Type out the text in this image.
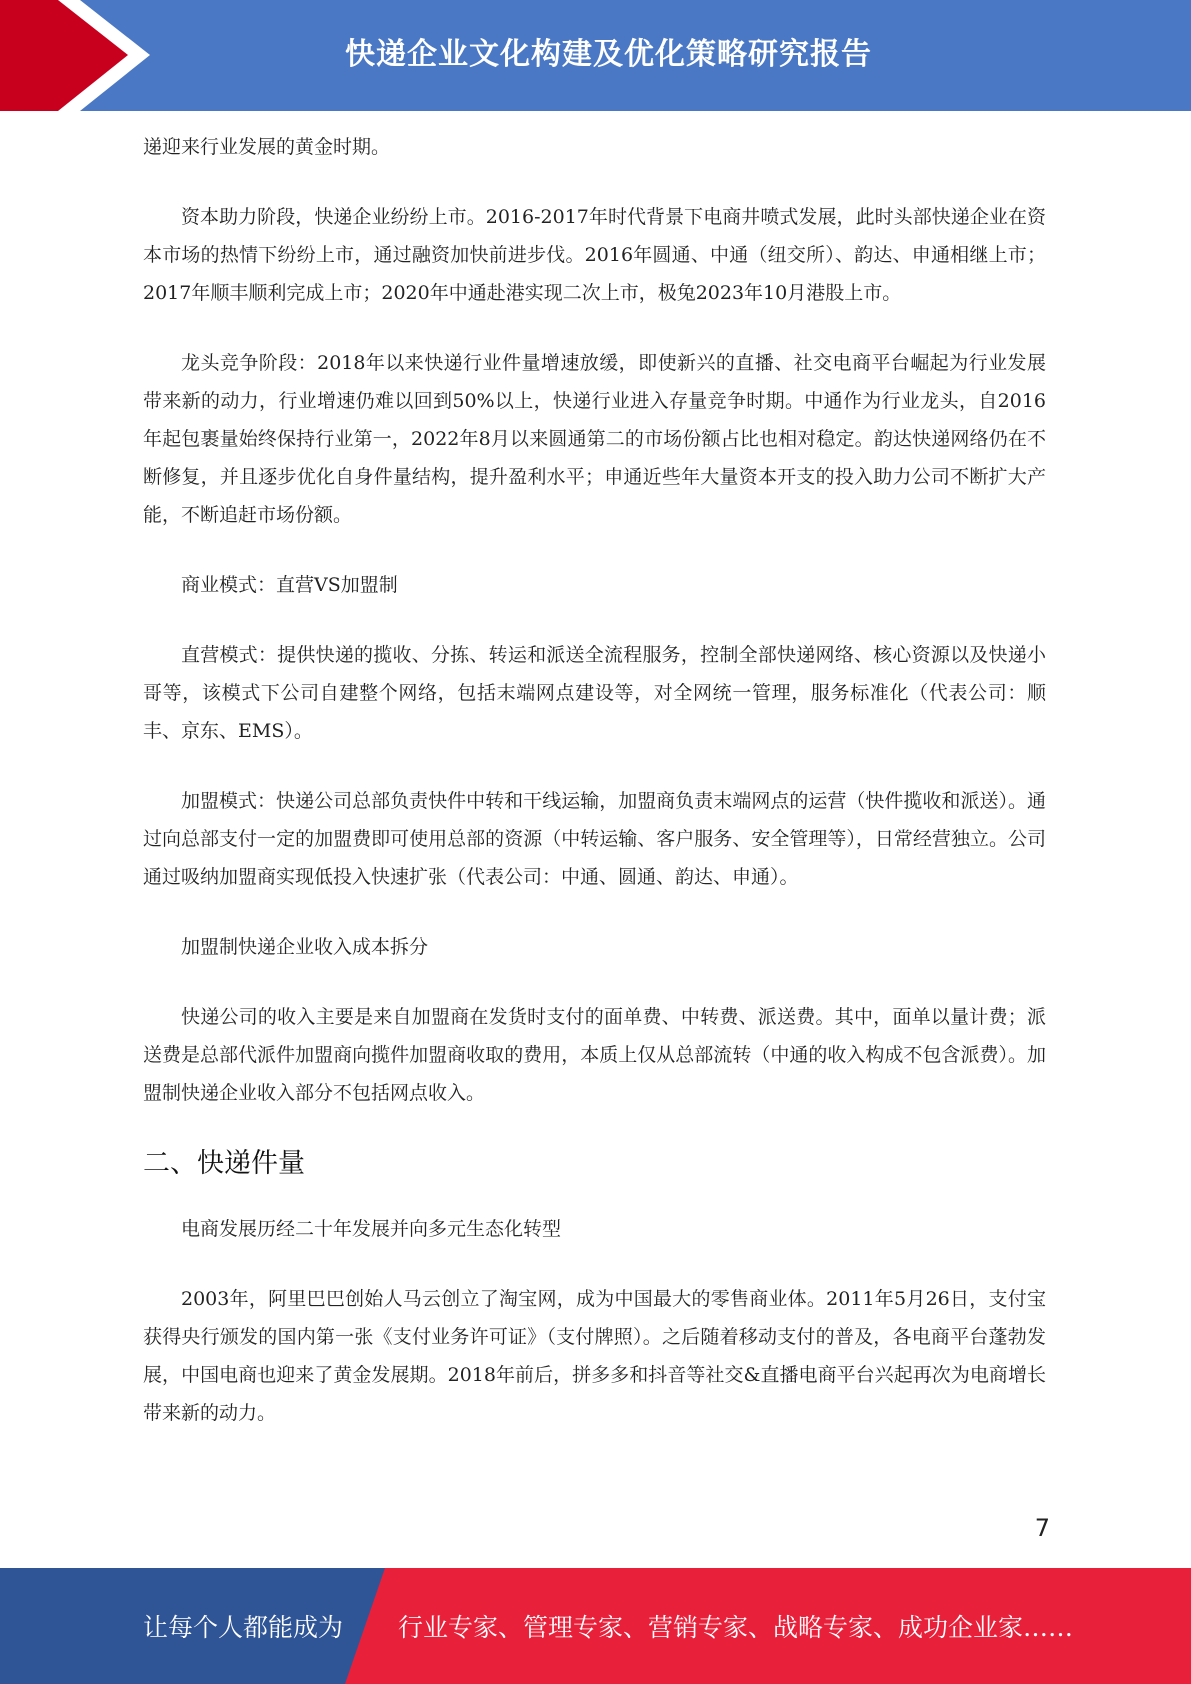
快递企业文化构建及优化策略研究报告

递迎来行业发展的黄金时期。

资本助力阶段，快递企业纷纷上市。2016-2017年时代背景下电商井喷式发展，此时头部快递企业在资本市场的热情下纷纷上市，通过融资加快前进步伐。2016年圆通、中通（纽交所）、韵达、申通相继上市；2017年顺丰顺利完成上市；2020年中通赴港实现二次上市，极兔2023年10月港股上市。

龙头竞争阶段：2018年以来快递行业件量增速放缓，即使新兴的直播、社交电商平台崛起为行业发展带来新的动力，行业增速仍难以回到50%以上，快递行业进入存量竞争时期。中通作为行业龙头，自2016年起包裹量始终保持行业第一，2022年8月以来圆通第二的市场份额占比也相对稳定。韵达快递网络仍在不断修复，并且逐步优化自身件量结构，提升盈利水平；申通近些年大量资本开支的投入助力公司不断扩大产能，不断追赶市场份额。

商业模式：直营VS加盟制

直营模式：提供快递的揽收、分拣、转运和派送全流程服务，控制全部快递网络、核心资源以及快递小哥等，该模式下公司自建整个网络，包括末端网点建设等，对全网统一管理，服务标准化（代表公司：顺丰、京东、EMS）。

加盟模式：快递公司总部负责快件中转和干线运输，加盟商负责末端网点的运营（快件揽收和派送）。通过向总部支付一定的加盟费即可使用总部的资源（中转运输、客户服务、安全管理等），日常经营独立。公司通过吸纳加盟商实现低投入快速扩张（代表公司：中通、圆通、韵达、申通）。

加盟制快递企业收入成本拆分

快递公司的收入主要是来自加盟商在发货时支付的面单费、中转费、派送费。其中，面单以量计费；派送费是总部代派件加盟商向揽件加盟商收取的费用，本质上仅从总部流转（中通的收入构成不包含派费）。加盟制快递企业收入部分不包括网点收入。

二、快递件量

电商发展历经二十年发展并向多元生态化转型

2003年，阿里巴巴创始人马云创立了淘宝网，成为中国最大的零售商业体。2011年5月26日，支付宝获得央行颁发的国内第一张《支付业务许可证》（支付牌照）。之后随着移动支付的普及，各电商平台蓬勃发展，中国电商也迎来了黄金发展期。2018年前后，拼多多和抖音等社交&直播电商平台兴起再次为电商增长带来新的动力。

7
让每个人都能成为 行业专家、管理专家、营销专家、战略专家、成功企业家……
